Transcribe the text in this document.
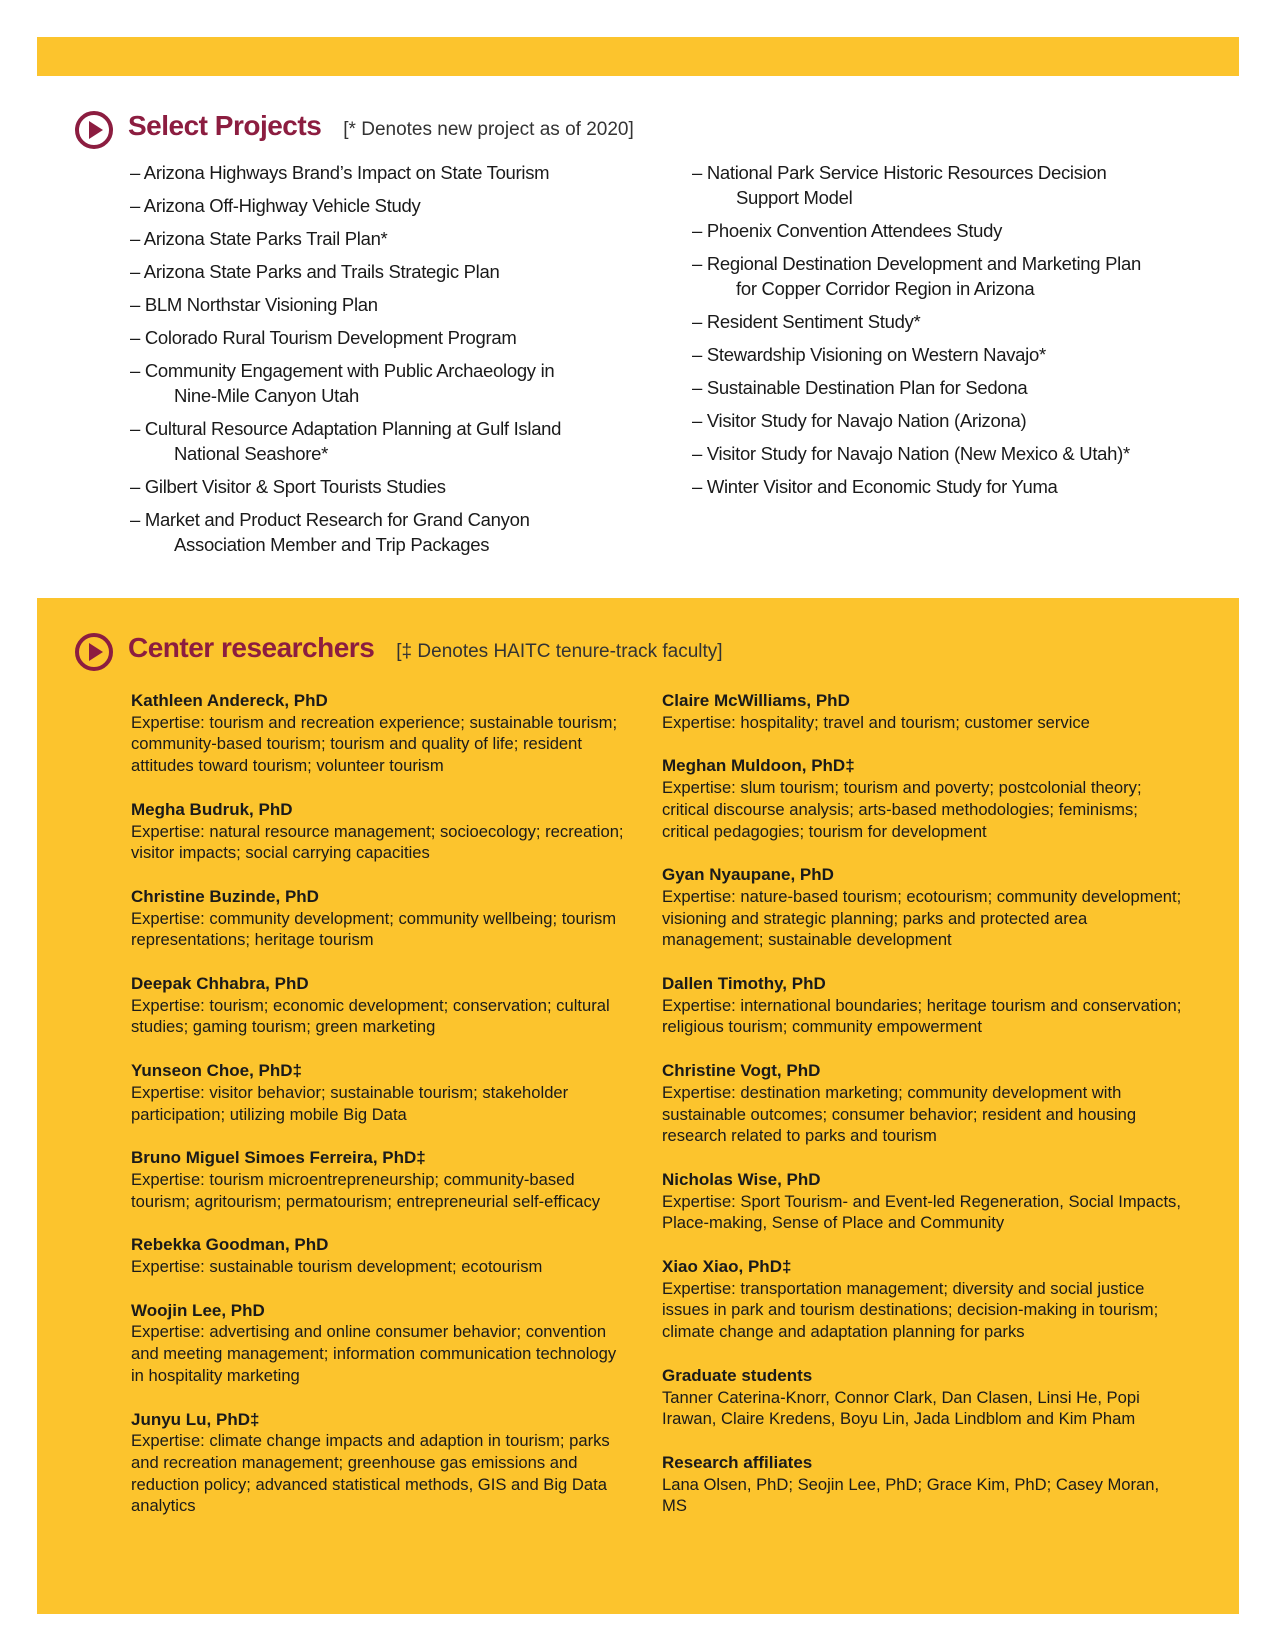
Select Projects [* Denotes new project as of 2020]
– Arizona Highways Brand’s Impact on State Tourism
– Arizona Off-Highway Vehicle Study
– Arizona State Parks Trail Plan*
– Arizona State Parks and Trails Strategic Plan
– BLM Northstar Visioning Plan
– Colorado Rural Tourism Development Program
– Community Engagement with Public Archaeology in
Nine-Mile Canyon Utah
– Cultural Resource Adaptation Planning at Gulf Island
National Seashore*
– Gilbert Visitor & Sport Tourists Studies
– Market and Product Research for Grand Canyon
Association Member and Trip Packages
– National Park Service Historic Resources Decision
Support Model
– Phoenix Convention Attendees Study
– Regional Destination Development and Marketing Plan
for Copper Corridor Region in Arizona
– Resident Sentiment Study*
– Stewardship Visioning on Western Navajo*
– Sustainable Destination Plan for Sedona
– Visitor Study for Navajo Nation (Arizona)
– Visitor Study for Navajo Nation (New Mexico & Utah)*
– Winter Visitor and Economic Study for Yuma
Center researchers [‡ Denotes HAITC tenure-track faculty]
Kathleen Andereck, PhD
Expertise: tourism and recreation experience; sustainable tourism; community-based tourism; tourism and quality of life; resident attitudes toward tourism; volunteer tourism
Megha Budruk, PhD
Expertise: natural resource management; socioecology; recreation; visitor impacts; social carrying capacities
Christine Buzinde, PhD
Expertise: community development; community wellbeing; tourism representations; heritage tourism
Deepak Chhabra, PhD
Expertise: tourism; economic development; conservation; cultural studies; gaming tourism; green marketing
Yunseon Choe, PhD‡
Expertise: visitor behavior; sustainable tourism; stakeholder participation; utilizing mobile Big Data
Bruno Miguel Simoes Ferreira, PhD‡
Expertise: tourism microentrepreneurship; community-based tourism; agritourism; permatourism; entrepreneurial self-efficacy
Rebekka Goodman, PhD
Expertise: sustainable tourism development; ecotourism
Woojin Lee, PhD
Expertise: advertising and online consumer behavior; convention and meeting management; information communication technology in hospitality marketing
Junyu Lu, PhD‡
Expertise: climate change impacts and adaption in tourism; parks and recreation management; greenhouse gas emissions and reduction policy; advanced statistical methods, GIS and Big Data analytics
Claire McWilliams, PhD
Expertise: hospitality; travel and tourism; customer service
Meghan Muldoon, PhD‡
Expertise: slum tourism; tourism and poverty; postcolonial theory; critical discourse analysis; arts-based methodologies; feminisms; critical pedagogies; tourism for development
Gyan Nyaupane, PhD
Expertise: nature-based tourism; ecotourism; community development; visioning and strategic planning; parks and protected area management; sustainable development
Dallen Timothy, PhD
Expertise: international boundaries; heritage tourism and conservation; religious tourism; community empowerment
Christine Vogt, PhD
Expertise: destination marketing; community development with sustainable outcomes; consumer behavior; resident and housing research related to parks and tourism
Nicholas Wise, PhD
Expertise: Sport Tourism- and Event-led Regeneration, Social Impacts, Place-making, Sense of Place and Community
Xiao Xiao, PhD‡
Expertise: transportation management; diversity and social justice issues in park and tourism destinations; decision-making in tourism; climate change and adaptation planning for parks
Graduate students
Tanner Caterina-Knorr, Connor Clark, Dan Clasen, Linsi He, Popi Irawan, Claire Kredens, Boyu Lin, Jada Lindblom and Kim Pham
Research affiliates
Lana Olsen, PhD; Seojin Lee, PhD; Grace Kim, PhD; Casey Moran, MS
